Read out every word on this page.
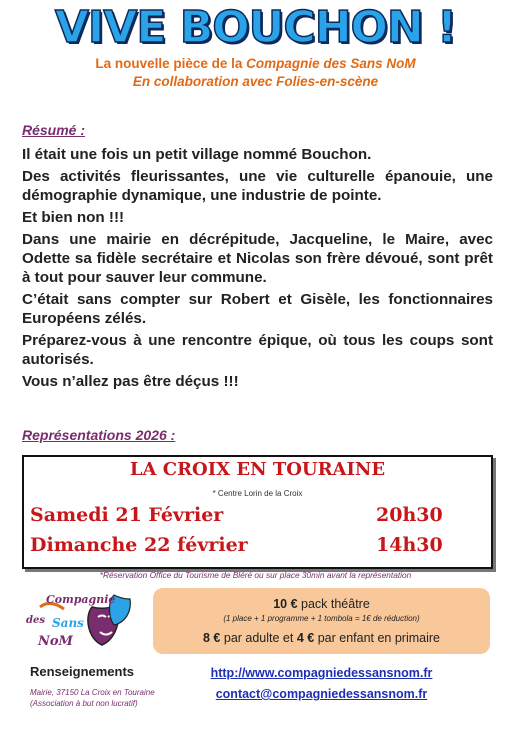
VIVE BOUCHON !
La nouvelle pièce de la Compagnie des Sans NoM
En collaboration avec Folies-en-scène
Résumé :

Il était une fois un petit village nommé Bouchon.

Des activités fleurissantes, une vie culturelle épanouie, une démographie dynamique, une industrie de pointe.

Et bien non !!!

Dans une mairie en décrépitude, Jacqueline, le Maire, avec Odette sa fidèle secrétaire et Nicolas son frère dévoué, sont prêt à tout pour sauver leur commune.

C’était sans compter sur Robert et Gisèle, les fonctionnaires Européens zélés.

Préparez-vous à une rencontre épique, où tous les coups sont autorisés.

Vous n’allez pas être déçus !!!

Représentations 2026 :
LA CROIX EN TOURAINE
* Centre Lorin de la Croix
Samedi 21 Février	20h30
Dimanche 22 février	14h30
*Réservation Office du Tourisme de Bléré ou sur place 30min avant la représentation
Compagnie
des Sans
NoM
10 € pack théâtre
(1 place + 1 programme + 1 tombola = 1€ de réduction)
8 € par adulte et 4 € par enfant en primaire
Renseignements
Mairie, 37150 La Croix en Touraine
(Association à but non lucratif)
http://www.compagniedessansnom.fr
contact@compagniedessansnom.fr
